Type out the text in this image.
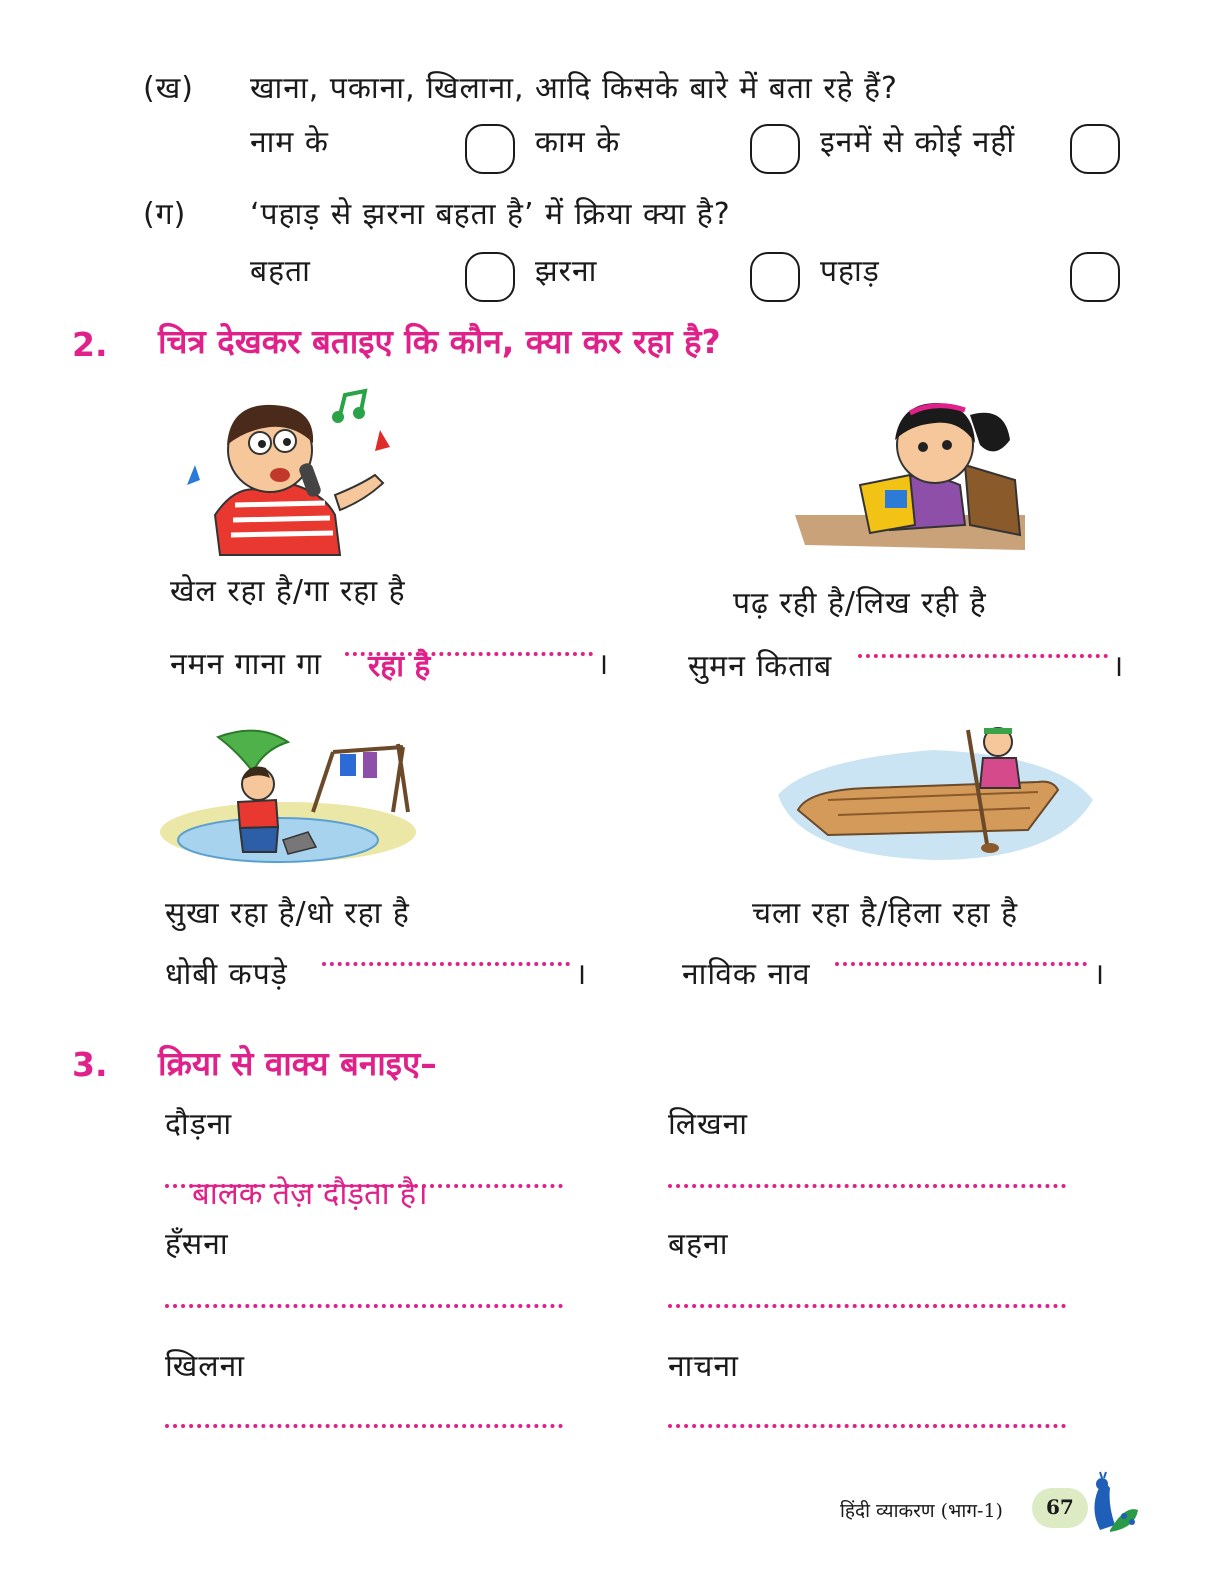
(ख) खाना, पकाना, खिलाना, आदि किसके बारे में बता रहे हैं?
नाम के	काम के	इनमें से कोई नहीं
(ग) ‘पहाड़ से झरना बहता है’ में क्रिया क्या है?
बहता	झरना	पहाड़
2. चित्र देखकर बताइए कि कौन, क्या कर रहा है?
खेल रहा है/गा रहा है
नमन गाना गा रहा है	।
पढ़ रही है/लिख रही है
सुमन किताब	।
सुखा रहा है/धो रहा है
धोबी कपड़े	।
चला रहा है/हिला रहा है
नाविक नाव	।
3. क्रिया से वाक्य बनाइए–
दौड़ना	लिखना
बालक तेज़ दौड़ता है।
हँसना	बहना
खिलना	नाचना
हिंदी व्याकरण (भाग-1) 67
